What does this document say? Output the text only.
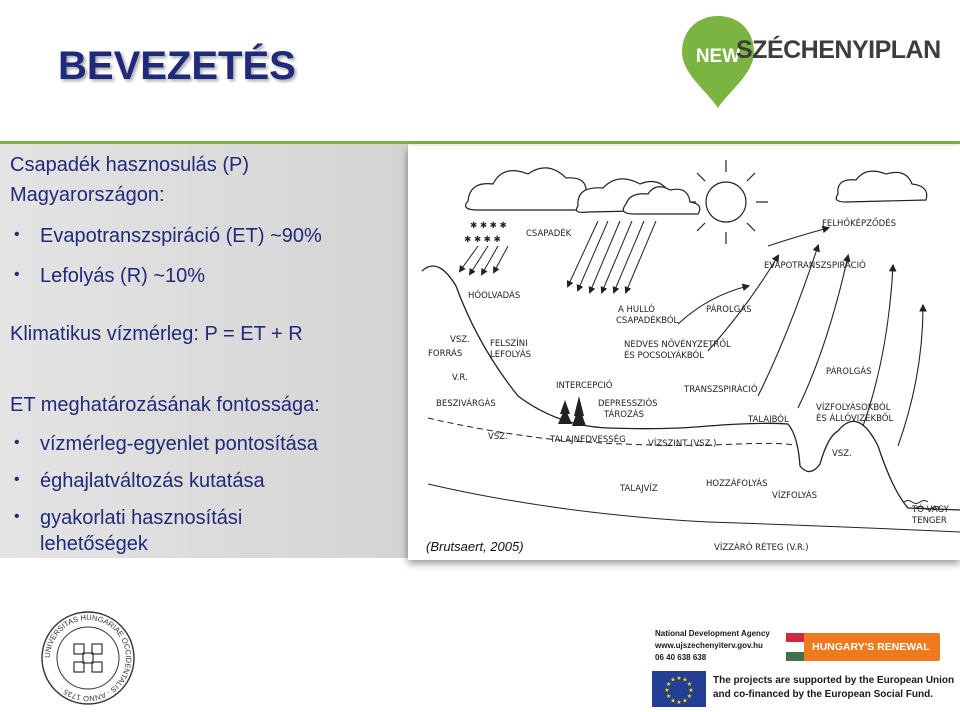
BEVEZETÉS	NEW
SZÉCHENYIPLAN
Csapadék hasznosulás (P)
Magyarországon:
• Evapotranszspiráció (ET) ~90%
• Lefolyás (R) ~10%
Klimatikus vízmérleg: P = ET + R
ET meghatározásának fontossága:
• vízmérleg-egyenlet pontosítása
• éghajlatváltozás kutatása
• gyakorlati hasznosítási
lehetőségek
✱ ✱ ✱ ✱
✱ ✱ ✱ ✱
CSAPADÉK
FELHŐKÉPZŐDÉS
EVAPOTRANSZSPIRÁCIÓ
HÓOLVADÁS
A HULLÓ
CSAPADÉKBÓL
PÁROLGÁS
VSZ.
FORRÁS
FELSZÍNI
LEFOLYÁS
NEDVES NÖVÉNYZETRŐL
ÉS POCSOLYÁKBÓL
V.R.
INTERCEPCIÓ	TRANSZSPIRÁCIÓ
PÁROLGÁS
BESZIVÁRGÁS	DEPRESSZIÓS
TÁROZÁS	TALAJBÓL
VÍZFOLYÁSOKBÓL
ÉS ÁLLÓVIZEKBŐL
VSZ.	TALAJNEDVESSÉG	VÍZSZINT (VSZ.)
VSZ.
TALAJVÍZ	HOZZÁFOLYÁS
VÍZFOLYÁS
TÓ VAGY
TENGER
VÍZZÁRÓ RÉTEG (V.R.)
(Brutsaert, 2005)
UNIVERSITAS HUNGARIAE OCCIDENTALIS · ANNO 1735 ·
National Development Agency
www.ujszechenyiterv.gov.hu
06 40 638 638
HUNGARY'S RENEWAL
★ ★
★
★
★
★
★
★
★
★
★
★	The projects are supported by the European Union
and co-financed by the European Social Fund.
